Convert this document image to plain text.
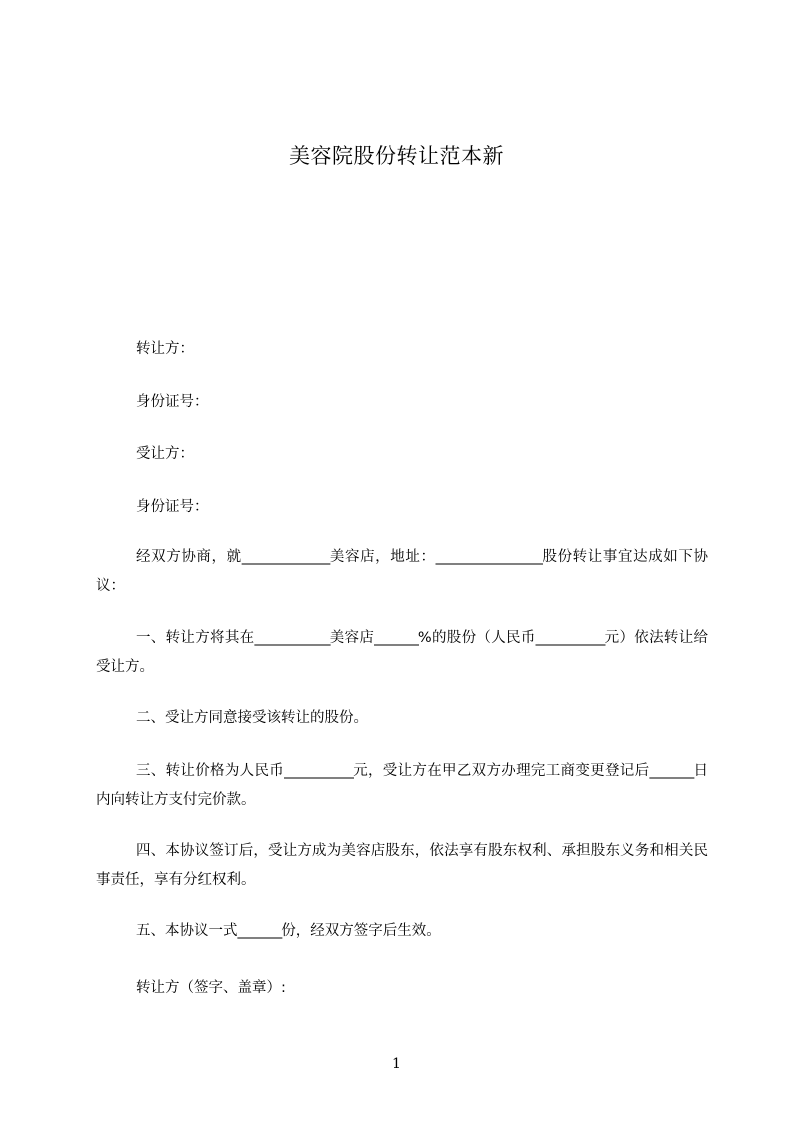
美容院股份转让范本新
转让方：
身份证号：
受让方：
身份证号：
经双方协商，就______________美容店，地址：_________________股份转让事宜达成如下协议：
一、转让方将其在____________美容店_______%的股份（人民币___________元）依法转让给受让方。
二、受让方同意接受该转让的股份。
三、转让价格为人民币___________元，受让方在甲乙双方办理完工商变更登记后_______日内向转让方支付完价款。
四、本协议签订后，受让方成为美容店股东，依法享有股东权利、承担股东义务和相关民事责任，享有分红权利。
五、本协议一式_______份，经双方签字后生效。
转让方（签字、盖章）:
1
